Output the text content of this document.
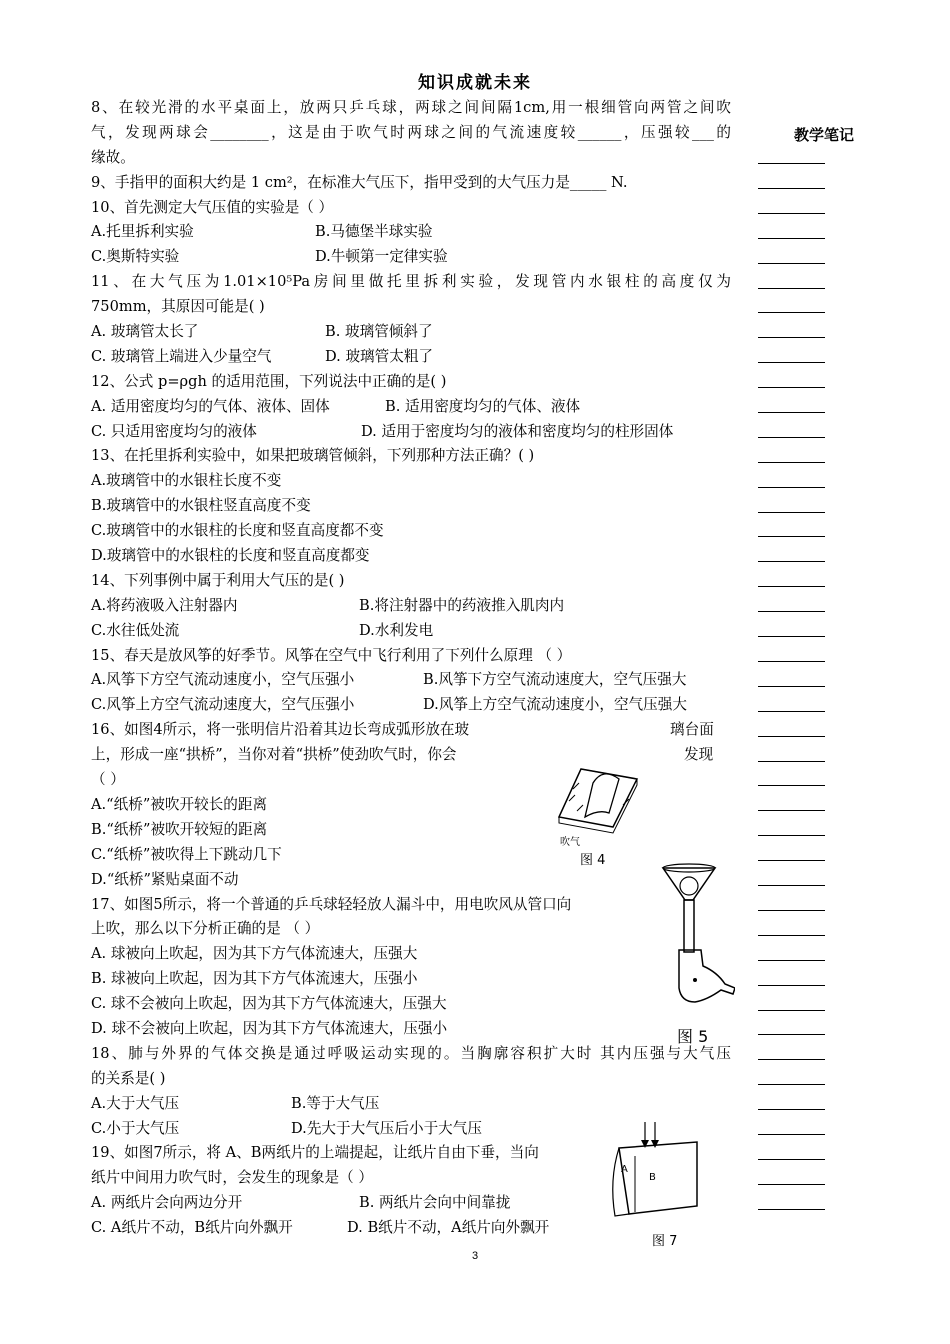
知识成就未来
8、在较光滑的水平桌面上，放两只乒乓球，两球之间间隔1cm,用一根细管向两管之间吹
气，发现两球会________，这是由于吹气时两球之间的气流速度较______，压强较___的
缘故。
9、手指甲的面积大约是 1 cm²，在标准大气压下，指甲受到的大气压力是_____ N.
10、首先测定大气压值的实验是（ ）
A.托里拆利实验	B.马德堡半球实验
C.奥斯特实验	D.牛顿第一定律实验
11、在大气压为1.01×10⁵Pa房间里做托里拆利实验，发现管内水银柱的高度仅为
750mm，其原因可能是( )
A. 玻璃管太长了	B. 玻璃管倾斜了
C. 玻璃管上端进入少量空气	D. 玻璃管太粗了
12、公式 p=ρgh 的适用范围，下列说法中正确的是( )
A. 适用密度均匀的气体、液体、固体	B. 适用密度均匀的气体、液体
C. 只适用密度均匀的液体	D. 适用于密度均匀的液体和密度均匀的柱形固体
13、在托里拆利实验中，如果把玻璃管倾斜，下列那种方法正确？( )
A.玻璃管中的水银柱长度不变
B.玻璃管中的水银柱竖直高度不变
C.玻璃管中的水银柱的长度和竖直高度都不变
D.玻璃管中的水银柱的长度和竖直高度都变
14、下列事例中属于利用大气压的是( )
A.将药液吸入注射器内	B.将注射器中的药液推入肌肉内
C.水往低处流	D.水利发电
15、春天是放风筝的好季节。风筝在空气中飞行利用了下列什么原理 （ ）
A.风筝下方空气流动速度小，空气压强小	B.风筝下方空气流动速度大，空气压强大
C.风筝上方空气流动速度大，空气压强小	D.风筝上方空气流动速度小，空气压强大
16、如图4所示，将一张明信片沿着其边长弯成弧形放在玻
上，形成一座“拱桥”，当你对着“拱桥”使劲吹气时，你会
（ ）
A.“纸桥”被吹开较长的距离
B.“纸桥”被吹开较短的距离
C.“纸桥”被吹得上下跳动几下
D.“纸桥”紧贴桌面不动
17、如图5所示，将一个普通的乒乓球轻轻放人漏斗中，用电吹风从管口向
上吹，那么以下分析正确的是 （ ）
A. 球被向上吹起，因为其下方气体流速大，压强大
B. 球被向上吹起，因为其下方气体流速大，压强小
C. 球不会被向上吹起，因为其下方气体流速大，压强大
D. 球不会被向上吹起，因为其下方气体流速大，压强小
18、肺与外界的气体交换是通过呼吸运动实现的。当胸廓容积扩大时 其内压强与大气压
的关系是( )
A.大于大气压	B.等于大气压
C.小于大气压	D.先大于大气压后小于大气压
19、如图7所示，将 A、B两纸片的上端提起，让纸片自由下垂，当向
纸片中间用力吹气时，会发生的现象是（ ）
A. 两纸片会向两边分开	B. 两纸片会向中间靠拢
C. A纸片不动，B纸片向外飘开	D. B纸片不动，A纸片向外飘开
璃台面
发现
教学笔记
吹气
图 4
图 5
A
B
图 7
3
